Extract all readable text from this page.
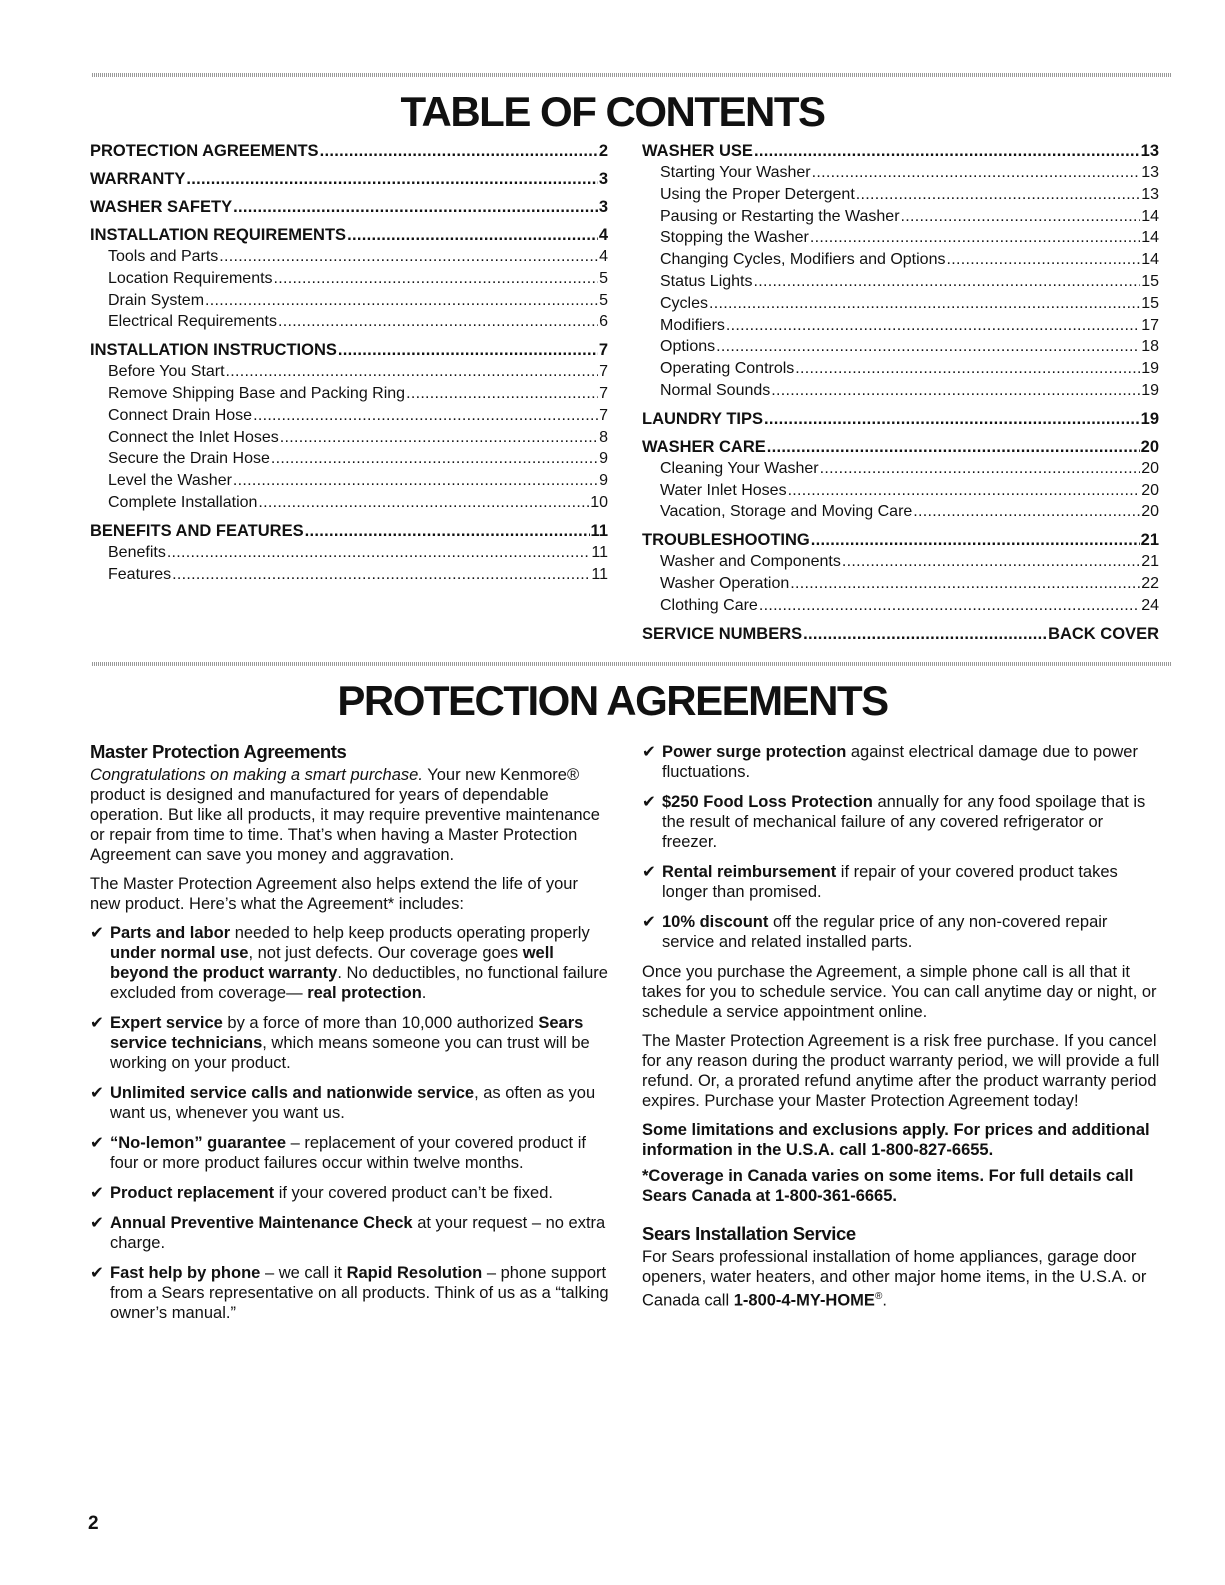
TABLE OF CONTENTS
PROTECTION AGREEMENTS .....	2
WARRANTY .....	3
WASHER SAFETY .....	3
INSTALLATION REQUIREMENTS .....	4
Tools and Parts .....	4
Location Requirements .....	5
Drain System .....	5
Electrical Requirements .....	6
INSTALLATION INSTRUCTIONS .....	7
Before You Start .....	7
Remove Shipping Base and Packing Ring .....	7
Connect Drain Hose .....	7
Connect the Inlet Hoses .....	8
Secure the Drain Hose .....	9
Level the Washer .....	9
Complete Installation .....	10
BENEFITS AND FEATURES .....	11
Benefits .....	11
Features .....	11
WASHER USE .....	13
Starting Your Washer .....	13
Using the Proper Detergent .....	13
Pausing or Restarting the Washer .....	14
Stopping the Washer .....	14
Changing Cycles, Modifiers and Options .....	14
Status Lights .....	15
Cycles .....	15
Modifiers .....	17
Options .....	18
Operating Controls .....	19
Normal Sounds .....	19
LAUNDRY TIPS .....	19
WASHER CARE .....	20
Cleaning Your Washer .....	20
Water Inlet Hoses .....	20
Vacation, Storage and Moving Care .....	20
TROUBLESHOOTING .....	21
Washer and Components .....	21
Washer Operation .....	22
Clothing Care .....	24
SERVICE NUMBERS .....	BACK COVER
PROTECTION AGREEMENTS
Master Protection Agreements

Congratulations on making a smart purchase. Your new Kenmore® product is designed and manufactured for years of dependable operation. But like all products, it may require preventive maintenance or repair from time to time. That’s when having a Master Protection Agreement can save you money and aggravation.

The Master Protection Agreement also helps extend the life of your new product. Here’s what the Agreement* includes:

✔ Parts and labor needed to help keep products operating properly under normal use, not just defects. Our coverage goes well beyond the product warranty. No deductibles, no functional failure excluded from coverage— real protection.
✔ Expert service by a force of more than 10,000 authorized Sears service technicians, which means someone you can trust will be working on your product.
✔ Unlimited service calls and nationwide service, as often as you want us, whenever you want us.
✔ “No-lemon” guarantee – replacement of your covered product if four or more product failures occur within twelve months.
✔ Product replacement if your covered product can’t be fixed.
✔ Annual Preventive Maintenance Check at your request – no extra charge.
✔ Fast help by phone – we call it Rapid Resolution – phone support from a Sears representative on all products. Think of us as a “talking owner’s manual.”
✔ Power surge protection against electrical damage due to power fluctuations.
✔ $250 Food Loss Protection annually for any food spoilage that is the result of mechanical failure of any covered refrigerator or freezer.
✔ Rental reimbursement if repair of your covered product takes longer than promised.
✔ 10% discount off the regular price of any non-covered repair service and related installed parts.

Once you purchase the Agreement, a simple phone call is all that it takes for you to schedule service. You can call anytime day or night, or schedule a service appointment online.

The Master Protection Agreement is a risk free purchase. If you cancel for any reason during the product warranty period, we will provide a full refund. Or, a prorated refund anytime after the product warranty period expires. Purchase your Master Protection Agreement today!

Some limitations and exclusions apply. For prices and additional information in the U.S.A. call 1-800-827-6655.

*Coverage in Canada varies on some items. For full details call Sears Canada at 1-800-361-6665.

Sears Installation Service

For Sears professional installation of home appliances, garage door openers, water heaters, and other major home items, in the U.S.A. or Canada call 1-800-4-MY-HOME®.

2
